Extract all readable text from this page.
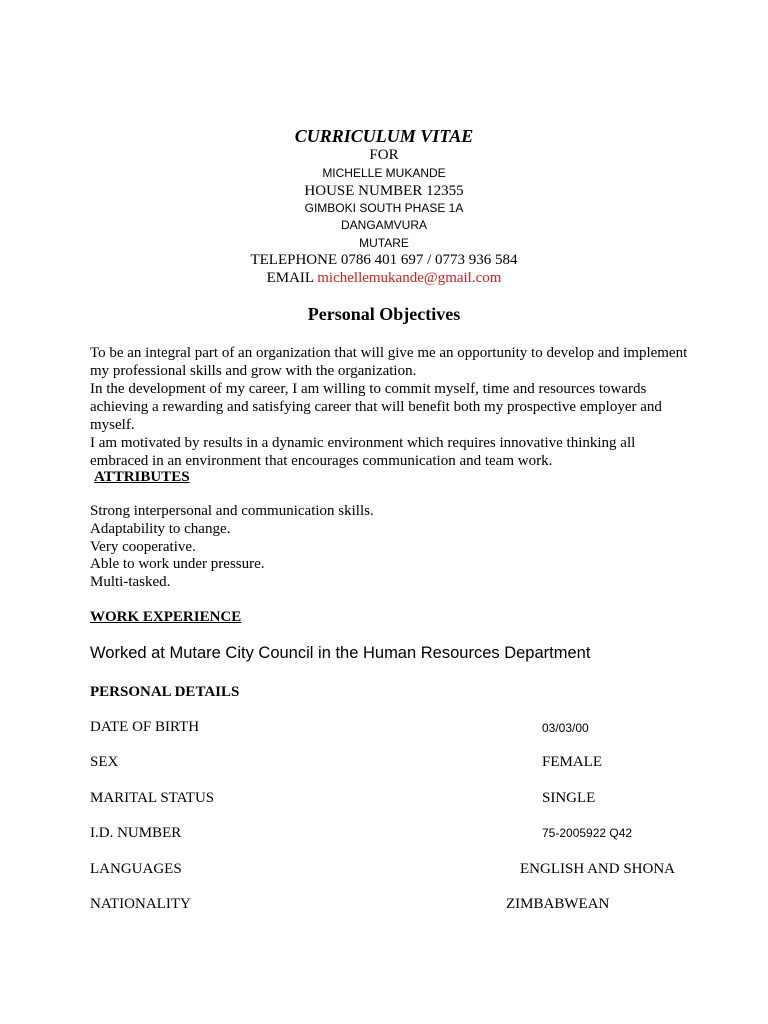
CURRICULUM VITAE
FOR
MICHELLE MUKANDE
HOUSE NUMBER 12355
GIMBOKI SOUTH PHASE 1A
DANGAMVURA
MUTARE
TELEPHONE 0786 401 697 / 0773 936 584
EMAIL michellemukande@gmail.com
Personal Objectives
To be an integral part of an organization that will give me an opportunity to develop and implement my professional skills and grow with the organization.
In the development of my career, I am willing to commit myself, time and resources towards achieving a rewarding and satisfying career that will benefit both my prospective employer and myself.
I am motivated by results in a dynamic environment which requires innovative thinking all embraced in an environment that encourages communication and team work.
ATTRIBUTES
Strong interpersonal and communication skills.
Adaptability to change.
Very cooperative.
Able to work under pressure.
Multi-tasked.
WORK EXPERIENCE
Worked at Mutare City Council in the Human Resources Department
PERSONAL DETAILS
DATE OF BIRTH	03/03/00
SEX	FEMALE
MARITAL STATUS	SINGLE
I.D. NUMBER	75-2005922 Q42
LANGUAGES	ENGLISH AND SHONA
NATIONALITY	ZIMBABWEAN
